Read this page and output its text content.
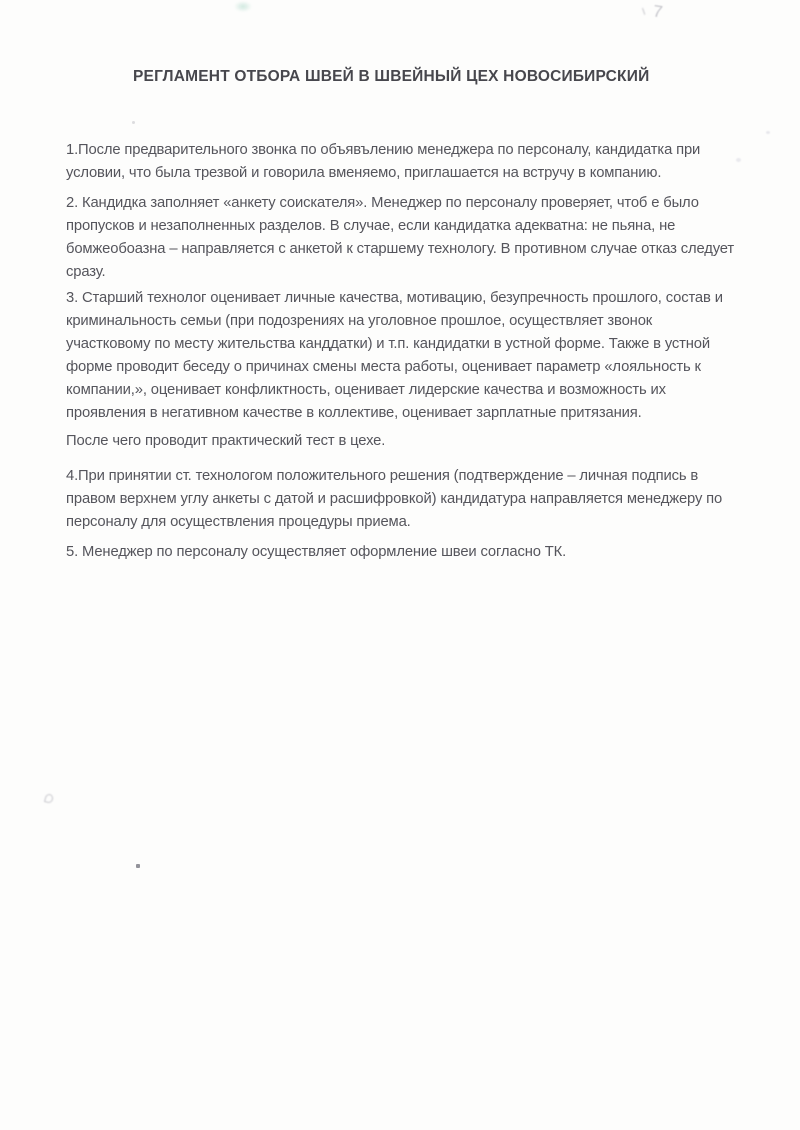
РЕГЛАМЕНТ ОТБОРА ШВЕЙ В ШВЕЙНЫЙ ЦЕХ НОВОСИБИРСКИЙ
1.После предварительного звонка по объявълению менеджера по персоналу, кандидатка при
условии, что была трезвой и говорила вменяемо, приглашается на встручу в компанию.
2. Кандидка заполняет «анкету соискателя». Менеджер по персоналу проверяет, чтоб е было
пропусков и незаполненных разделов. В случае, если кандидатка адекватна: не пьяна, не
бомжеобоазна – направляется с анкетой к старшему технологу. В противном случае отказ следует
сразу.
3. Старший технолог оценивает личные качества, мотивацию, безупречность прошлого, состав и
криминальность семьи (при подозрениях на уголовное прошлое, осуществляет звонок
участковому по месту жительства канддатки) и т.п. кандидатки в устной форме. Также в устной
форме проводит беседу о причинах смены места работы, оценивает параметр «лояльность к
компании,», оценивает конфликтность, оценивает лидерские качества и возможность их
проявления в негативном качестве в коллективе, оценивает зарплатные притязания.
После чего проводит практический тест в цехе.
4.При принятии ст. технологом положительного решения (подтверждение – личная подпись в
правом верхнем углу анкеты с датой и расшифровкой) кандидатура направляется менеджеру по
персоналу для осуществления процедуры приема.
5. Менеджер по персоналу осуществляет оформление швеи согласно ТК.
7
